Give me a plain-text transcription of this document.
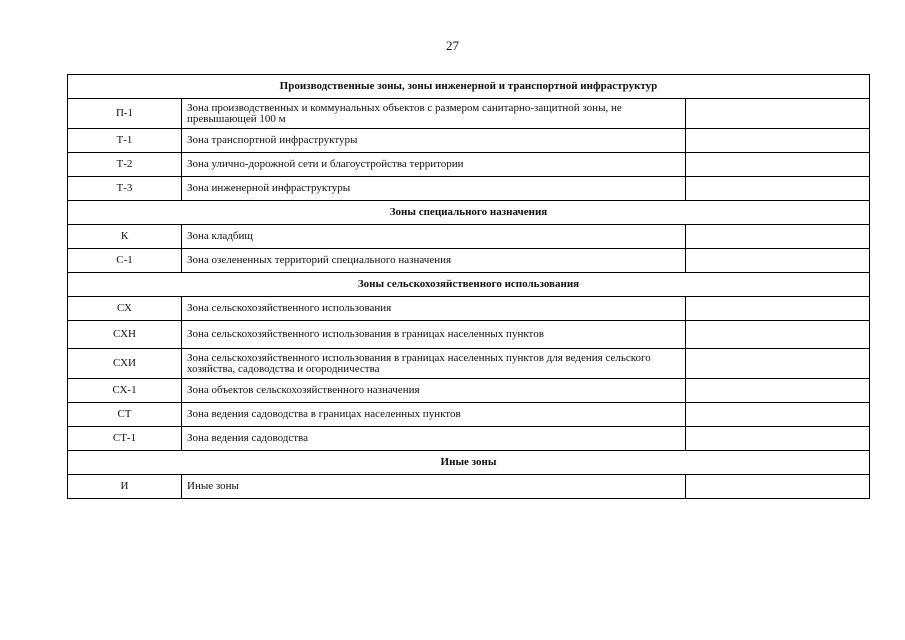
27
Производственные зоны, зоны инженерной и транспортной инфраструктур		
П-1	Зона производственных и коммунальных объектов с размером санитарно-защитной зоны, не превышающей 100 м	
Т-1	Зона транспортной инфраструктуры	
Т-2	Зона улично-дорожной сети и благоустройства территории	
Т-3	Зона инженерной инфраструктуры	
Зоны специального назначения		
К	Зона кладбищ	
С-1	Зона озелененных территорий специального назначения	
Зоны сельскохозяйственного использования		
СХ	Зона сельскохозяйственного использования	
СХН	Зона сельскохозяйственного использования в границах населенных пунктов	
СХИ	Зона сельскохозяйственного использования в границах населенных пунктов для ведения сельского хозяйства, садоводства и огородничества	
СХ-1	Зона объектов сельскохозяйственного назначения	
СТ	Зона ведения садоводства в границах населенных пунктов	
СТ-1	Зона ведения садоводства	
Иные зоны		
И	Иные зоны	
